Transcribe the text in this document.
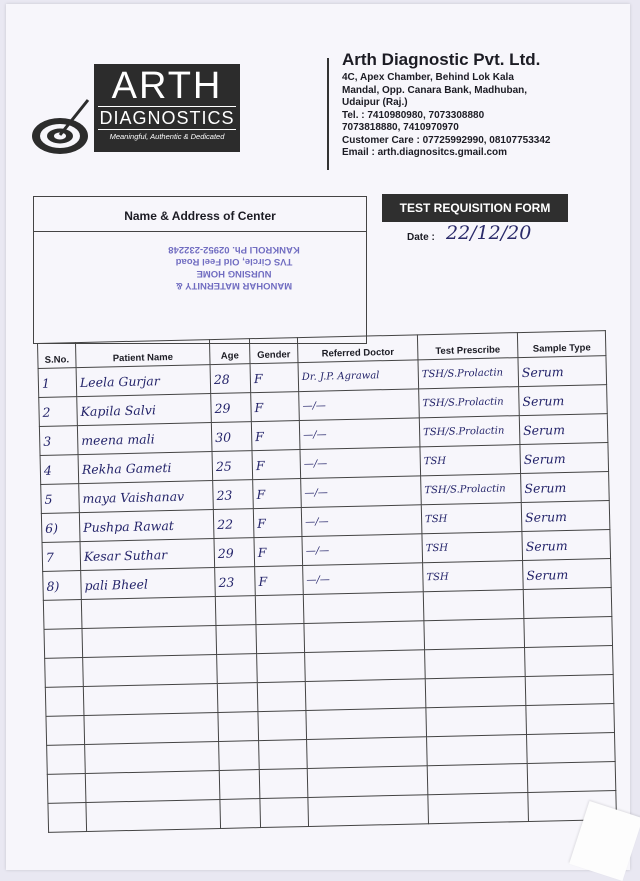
ARTH
DIAGNOSTICS
Meaningful, Authentic & Dedicated
Arth Diagnostic Pvt. Ltd.
4C, Apex Chamber, Behind Lok Kala
Mandal, Opp. Canara Bank, Madhuban,
Udaipur (Raj.)
Tel. : 7410980980, 7073308880
7073818880, 7410970970
Customer Care : 07725992990, 08107753342
Email : arth.diagnositcs.gmail.com
Name & Address of Center
MANOHAR MATERNITY &
NURSING HOME
TVS Circle, Old Feel Road
KANKROLI Ph. 02952-232248
TEST REQUISITION FORM
Date : 22/12/20
S.No.	Patient Name	Age	Gender	Referred Doctor	Test Prescribe	Sample Type
1	Leela Gurjar	28	F	Dr. J.P. Agrawal	TSH/S.Prolactin	Serum
2	Kapila Salvi	29	F	—/—	TSH/S.Prolactin	Serum
3	meena mali	30	F	—/—	TSH/S.Prolactin	Serum
4	Rekha Gameti	25	F	—/—	TSH	Serum
5	maya Vaishanav	23	F	—/—	TSH/S.Prolactin	Serum
6)	Pushpa Rawat	22	F	—/—	TSH	Serum
7	Kesar Suthar	29	F	—/—	TSH	Serum
8)	pali Bheel	23	F	—/—	TSH	Serum
